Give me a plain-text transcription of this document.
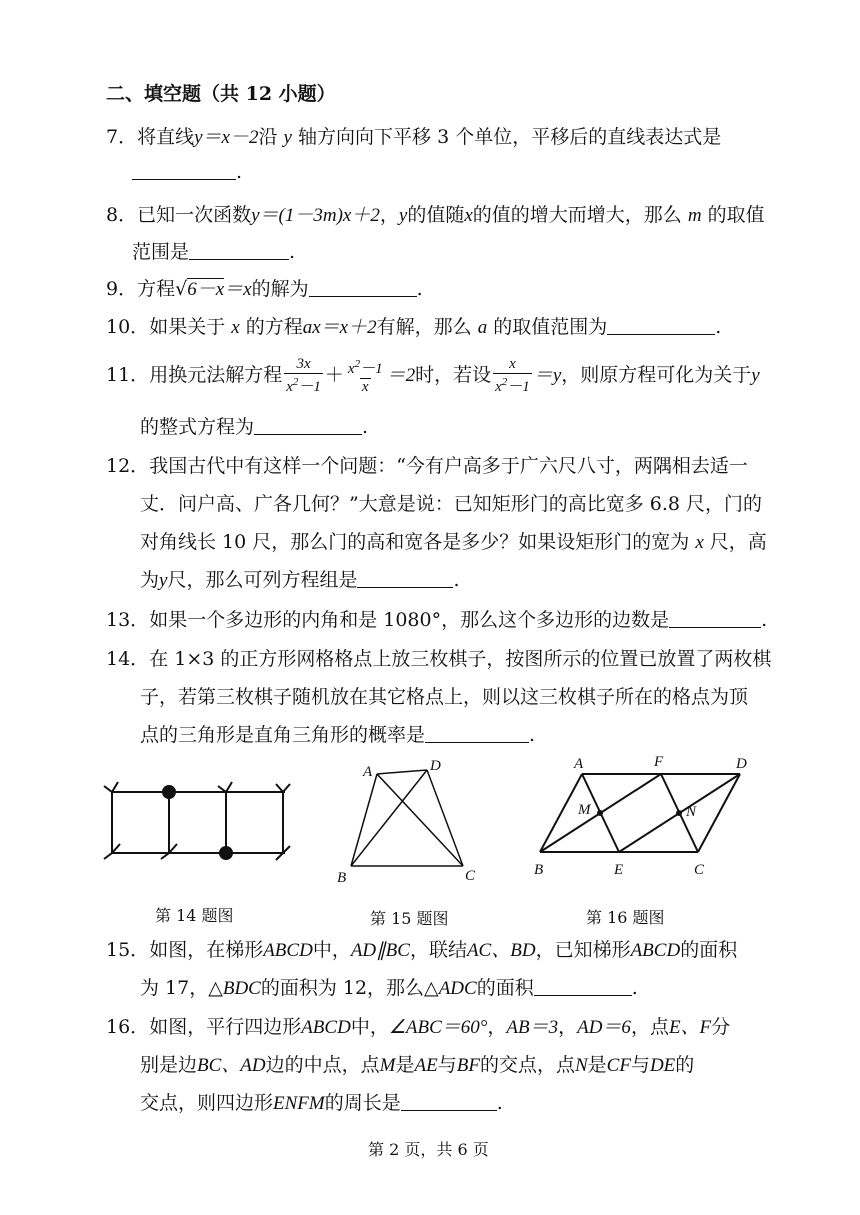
二、填空题（共 12 小题）
7．将直线y＝x－2沿 y 轴方向向下平移 3 个单位，平移后的直线表达式是
.
8．已知一次函数y＝(1－3m)x＋2，y的值随x的值的增大而增大，那么 m 的取值
范围是	.
9．方程√6－x＝x的解为	.
10．如果关于 x 的方程ax＝x＋2有解，那么 a 的取值范围为	.
11．用换元法解方程 $\frac{3x}{x^2-1} + \frac{x^2-1}{x} =2$时，若设 $\frac{x}{x^2-1} =y$，则原方程可化为关于y
的整式方程为	.
12．我国古代中有这样一个问题：“今有户高多于广六尺八寸，两隅相去适一
丈．问户高、广各几何？”大意是说：已知矩形门的高比宽多 6.8 尺，门的
对角线长 10 尺，那么门的高和宽各是多少？如果设矩形门的宽为 x 尺，高
为y尺，那么可列方程组是	.
13．如果一个多边形的内角和是 1080°，那么这个多边形的边数是	.
14．在 1×3 的正方形网格格点上放三枚棋子，按图所示的位置已放置了两枚棋
子，若第三枚棋子随机放在其它格点上，则以这三枚棋子所在的格点为顶
点的三角形是直角三角形的概率是	.
第 14 题图
A	D
B	C
第 15 题图
A	F	D
B	E	C
M	N
第 16 题图
15．如图，在梯形ABCD中，AD∥BC，联结AC、BD，已知梯形ABCD的面积
为 17，△BDC的面积为 12，那么△ADC的面积	.
16．如图，平行四边形ABCD中，∠ABC＝60°，AB＝3，AD＝6，点E、F分
别是边BC、AD边的中点，点M是AE与BF的交点，点N是CF与DE的
交点，则四边形ENFM的周长是	.
第 2 页，共 6 页
